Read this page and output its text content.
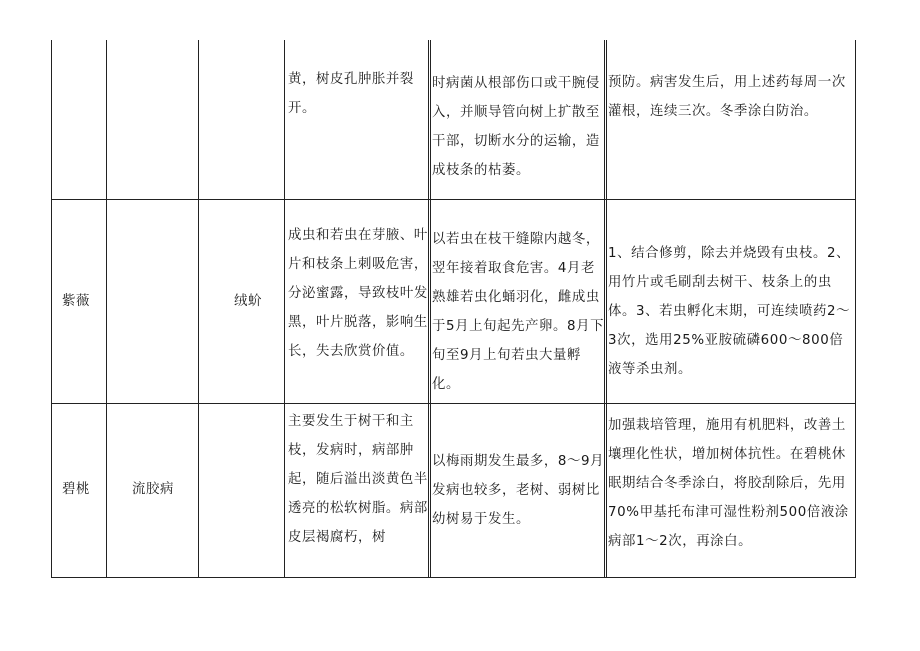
黄，树皮孔肿胀并裂开。

时病菌从根部伤口或干腕侵入，并顺导管向树上扩散至干部，切断水分的运输，造成枝条的枯萎。

预防。病害发生后，用上述药每周一次灌根，连续三次。冬季涂白防治。

紫薇	绒蚧

成虫和若虫在芽腋、叶片和枝条上刺吸危害，分泌蜜露，导致枝叶发黑，叶片脱落，影响生长，失去欣赏价值。

以若虫在枝干缝隙内越冬，翌年接着取食危害。4月老熟雄若虫化蛹羽化，雌成虫于5月上旬起先产卵。8月下旬至9月上旬若虫大量孵化。

1、结合修剪，除去并烧毁有虫枝。2、用竹片或毛刷刮去树干、枝条上的虫体。3、若虫孵化末期，可连续喷药2～3次，选用25%亚胺硫磷600～800倍液等杀虫剂。

碧桃	流胶病

主要发生于树干和主枝，发病时，病部肿起，随后溢出淡黄色半透亮的松软树脂。病部皮层褐腐朽，树

以梅雨期发生最多，8～9月发病也较多，老树、弱树比幼树易于发生。

加强栽培管理，施用有机肥料，改善土壤理化性状，增加树体抗性。在碧桃休眠期结合冬季涂白，将胶刮除后，先用70%甲基托布津可湿性粉剂500倍液涂病部1～2次，再涂白。
